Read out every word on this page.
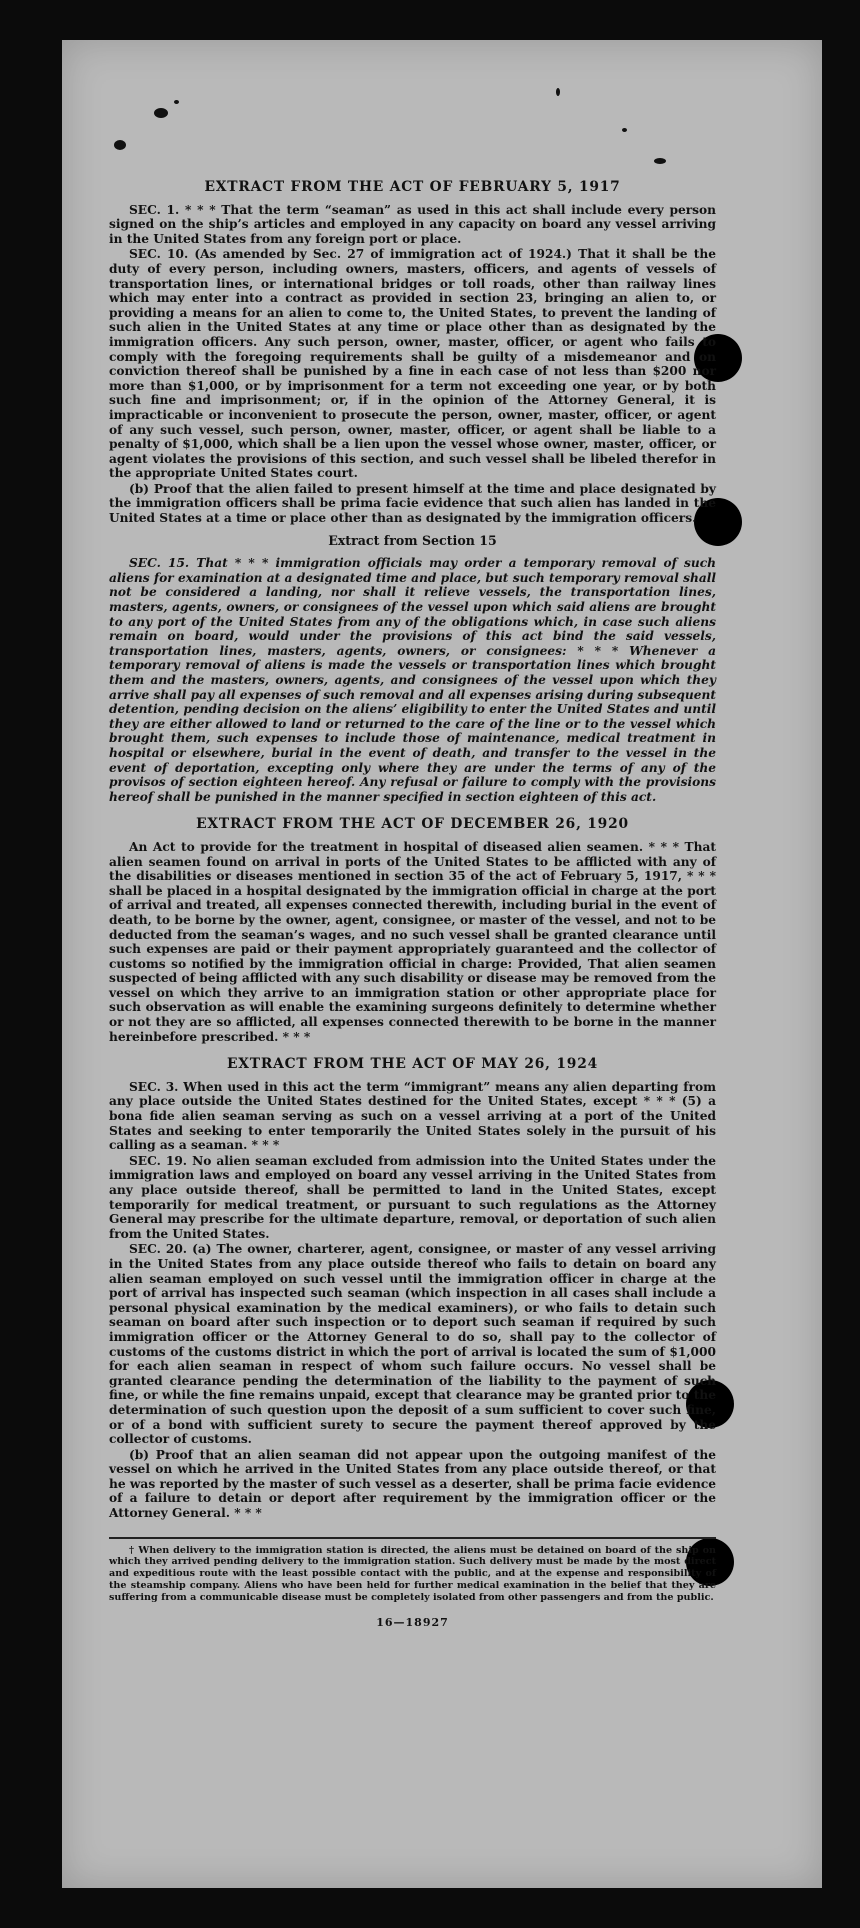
EXTRACT FROM THE ACT OF FEBRUARY 5, 1917

SEC. 1. * * * That the term “seaman” as used in this act shall include every person signed on the ship’s articles and employed in any capacity on board any vessel arriving in the United States from any foreign port or place.

SEC. 10. (As amended by Sec. 27 of immigration act of 1924.) That it shall be the duty of every person, including owners, masters, officers, and agents of vessels of transportation lines, or international bridges or toll roads, other than railway lines which may enter into a contract as provided in section 23, bringing an alien to, or providing a means for an alien to come to, the United States, to prevent the landing of such alien in the United States at any time or place other than as designated by the immigration officers. Any such person, owner, master, officer, or agent who fails to comply with the foregoing requirements shall be guilty of a misdemeanor and on conviction thereof shall be punished by a fine in each case of not less than $200 nor more than $1,000, or by imprisonment for a term not exceeding one year, or by both such fine and imprisonment; or, if in the opinion of the Attorney General, it is impracticable or inconvenient to prosecute the person, owner, master, officer, or agent of any such vessel, such person, owner, master, officer, or agent shall be liable to a penalty of $1,000, which shall be a lien upon the vessel whose owner, master, officer, or agent violates the provisions of this section, and such vessel shall be libeled therefor in the appropriate United States court.

(b) Proof that the alien failed to present himself at the time and place designated by the immigration officers shall be prima facie evidence that such alien has landed in the United States at a time or place other than as designated by the immigration officers.

Extract from Section 15

SEC. 15. That * * * immigration officials may order a temporary removal of such aliens for examination at a designated time and place, but such temporary removal shall not be considered a landing, nor shall it relieve vessels, the transportation lines, masters, agents, owners, or consignees of the vessel upon which said aliens are brought to any port of the United States from any of the obligations which, in case such aliens remain on board, would under the provisions of this act bind the said vessels, transportation lines, masters, agents, owners, or consignees: * * * Whenever a temporary removal of aliens is made the vessels or transportation lines which brought them and the masters, owners, agents, and consignees of the vessel upon which they arrive shall pay all expenses of such removal and all expenses arising during subsequent detention, pending decision on the aliens’ eligibility to enter the United States and until they are either allowed to land or returned to the care of the line or to the vessel which brought them, such expenses to include those of maintenance, medical treatment in hospital or elsewhere, burial in the event of death, and transfer to the vessel in the event of deportation, excepting only where they are under the terms of any of the provisos of section eighteen hereof. Any refusal or failure to comply with the provisions hereof shall be punished in the manner specified in section eighteen of this act.

EXTRACT FROM THE ACT OF DECEMBER 26, 1920

An Act to provide for the treatment in hospital of diseased alien seamen. * * * That alien seamen found on arrival in ports of the United States to be afflicted with any of the disabilities or diseases mentioned in section 35 of the act of February 5, 1917, * * * shall be placed in a hospital designated by the immigration official in charge at the port of arrival and treated, all expenses connected therewith, including burial in the event of death, to be borne by the owner, agent, consignee, or master of the vessel, and not to be deducted from the seaman’s wages, and no such vessel shall be granted clearance until such expenses are paid or their payment appropriately guaranteed and the collector of customs so notified by the immigration official in charge: Provided, That alien seamen suspected of being afflicted with any such disability or disease may be removed from the vessel on which they arrive to an immigration station or other appropriate place for such observation as will enable the examining surgeons definitely to determine whether or not they are so afflicted, all expenses connected therewith to be borne in the manner hereinbefore prescribed. * * *

EXTRACT FROM THE ACT OF MAY 26, 1924

SEC. 3. When used in this act the term “immigrant” means any alien departing from any place outside the United States destined for the United States, except * * * (5) a bona fide alien seaman serving as such on a vessel arriving at a port of the United States and seeking to enter temporarily the United States solely in the pursuit of his calling as a seaman. * * *

SEC. 19. No alien seaman excluded from admission into the United States under the immigration laws and employed on board any vessel arriving in the United States from any place outside thereof, shall be permitted to land in the United States, except temporarily for medical treatment, or pursuant to such regulations as the Attorney General may prescribe for the ultimate departure, removal, or deportation of such alien from the United States.

SEC. 20. (a) The owner, charterer, agent, consignee, or master of any vessel arriving in the United States from any place outside thereof who fails to detain on board any alien seaman employed on such vessel until the immigration officer in charge at the port of arrival has inspected such seaman (which inspection in all cases shall include a personal physical examination by the medical examiners), or who fails to detain such seaman on board after such inspection or to deport such seaman if required by such immigration officer or the Attorney General to do so, shall pay to the collector of customs of the customs district in which the port of arrival is located the sum of $1,000 for each alien seaman in respect of whom such failure occurs. No vessel shall be granted clearance pending the determination of the liability to the payment of such fine, or while the fine remains unpaid, except that clearance may be granted prior to the determination of such question upon the deposit of a sum sufficient to cover such fine, or of a bond with sufficient surety to secure the payment thereof approved by the collector of customs.

(b) Proof that an alien seaman did not appear upon the outgoing manifest of the vessel on which he arrived in the United States from any place outside thereof, or that he was reported by the master of such vessel as a deserter, shall be prima facie evidence of a failure to detain or deport after requirement by the immigration officer or the Attorney General. * * *

† When delivery to the immigration station is directed, the aliens must be detained on board of the ship on which they arrived pending delivery to the immigration station. Such delivery must be made by the most direct and expeditious route with the least possible contact with the public, and at the expense and responsibility of the steamship company. Aliens who have been held for further medical examination in the belief that they are suffering from a communicable disease must be completely isolated from other passengers and from the public.

16—18927
